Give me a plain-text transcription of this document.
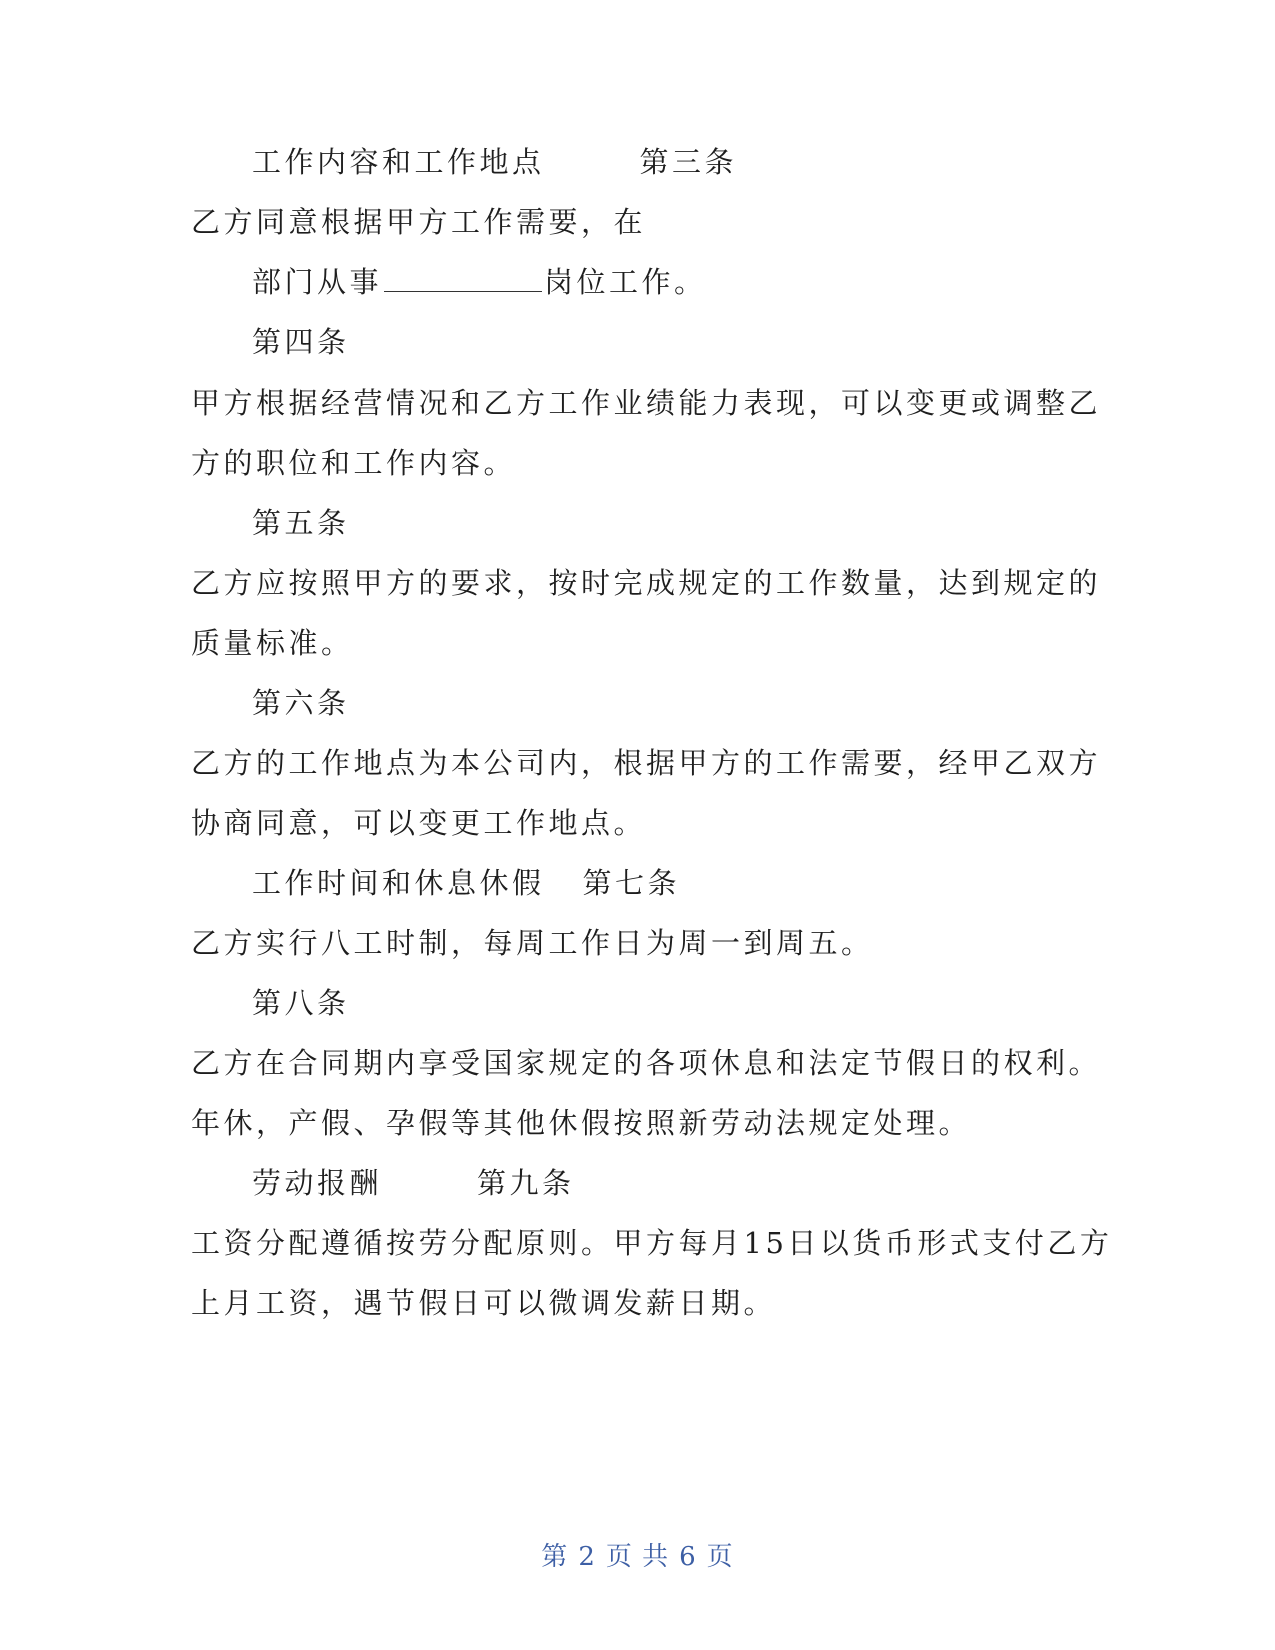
工作内容和工作地点	第三条

乙方同意根据甲方工作需要，在

部门从事	岗位工作。

第四条

甲方根据经营情况和乙方工作业绩能力表现，可以变更或调整乙

方的职位和工作内容。

第五条

乙方应按照甲方的要求，按时完成规定的工作数量，达到规定的

质量标准。

第六条

乙方的工作地点为本公司内，根据甲方的工作需要，经甲乙双方

协商同意，可以变更工作地点。

工作时间和休息休假 第七条

乙方实行八工时制，每周工作日为周一到周五。

第八条

乙方在合同期内享受国家规定的各项休息和法定节假日的权利。

年休，产假、孕假等其他休假按照新劳动法规定处理。

劳动报酬	第九条

工资分配遵循按劳分配原则。甲方每月15日以货币形式支付乙方

上月工资，遇节假日可以微调发薪日期。

第 2 页 共 6 页
